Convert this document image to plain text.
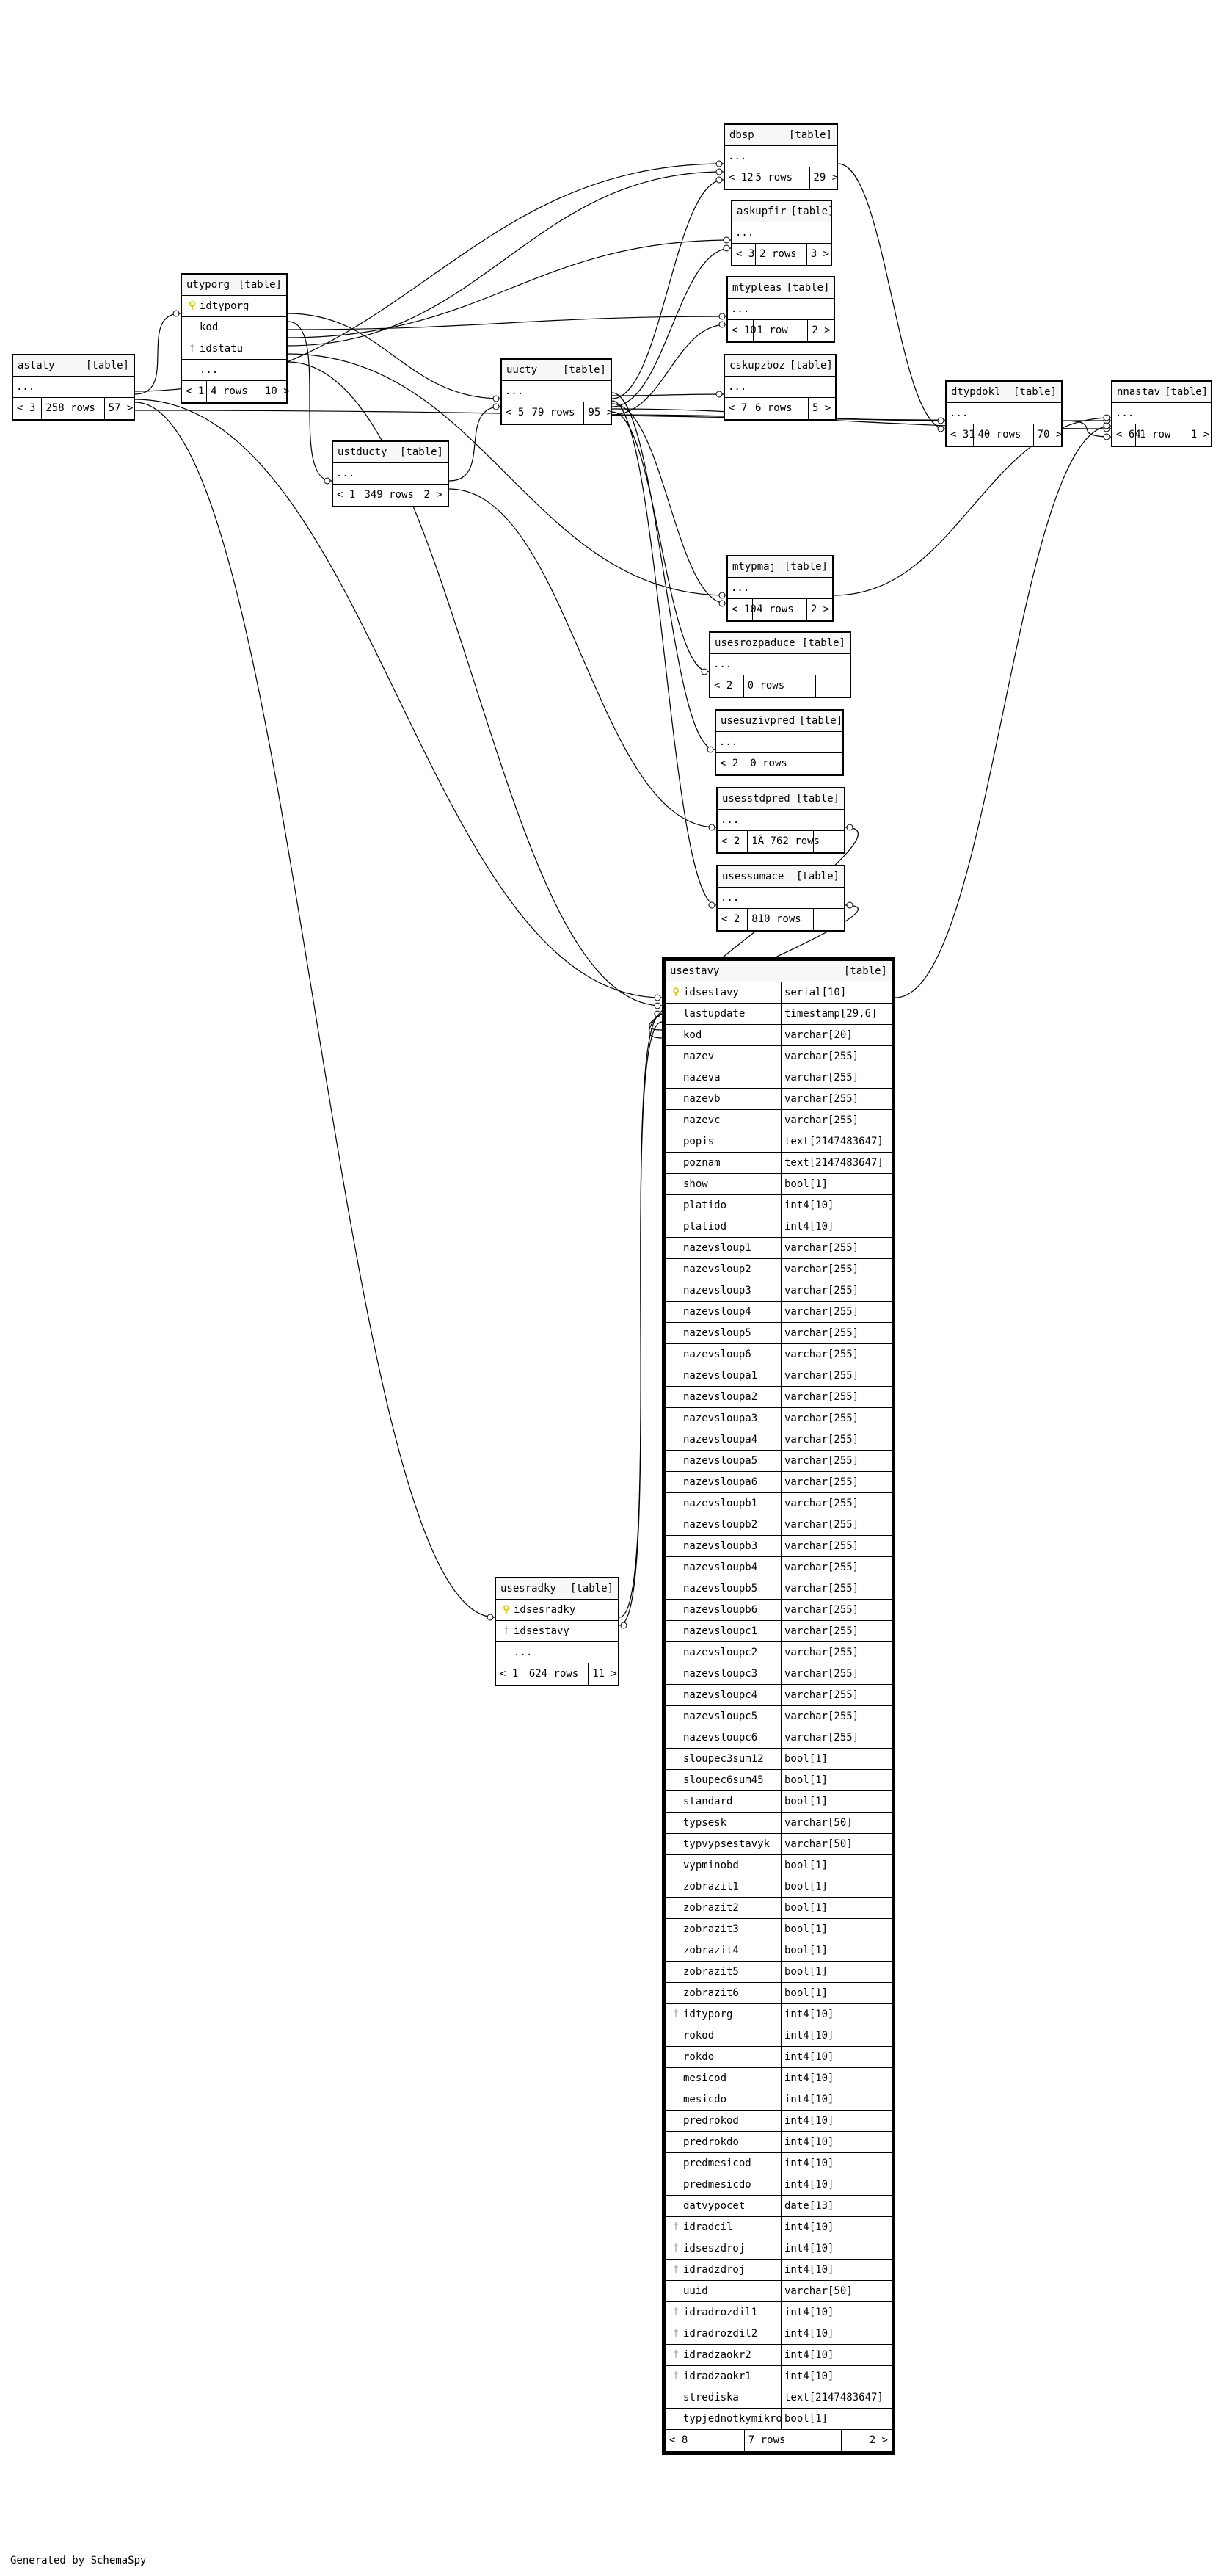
Generated by SchemaSpy
astaty	[table]
...
< 3	258 rows	57 >
utyporg [table]
⚲ idtyporg
kod
† idstatu
...
< 1 4 rows	10 >
ustducty	[table]
...
< 1 349 rows 2 >
uucty	[table]
...
< 5 79 rows	95 >
dbsp	[table]
...
< 12 5 rows	29 >
askupfir [table]
...
< 3 2 rows	3 >
mtypleas [table]
...
< 10 1 row	2 >
cskupzboz [table]
...
< 7 6 rows	5 >
dtypdokl	[table]
...
< 31 40 rows	70 >
nnastav [table]
...
< 64
1 row	1 >
mtypmaj [table]
...
< 10 4 rows	2 >
usesrozpaduce [table]
...
< 2	0 rows
usesuzivpred [table]
...
< 2	0 rows
usesstdpred [table]
...
< 2	1Â 762 rows
usessumace	[table]
...
< 2	810 rows
usesradky	[table]
⚲ idsesradky
† idsestavy
...
< 1	624 rows	11 >
usestavy	[table]
⚲ idsestavy	serial[10]
lastupdate	timestamp[29,6]
kod	varchar[20]
nazev	varchar[255]
nazeva	varchar[255]
nazevb	varchar[255]
nazevc	varchar[255]
popis	text[2147483647]
poznam	text[2147483647]
show	bool[1]
platido	int4[10]
platiod	int4[10]
nazevsloup1	varchar[255]
nazevsloup2	varchar[255]
nazevsloup3	varchar[255]
nazevsloup4	varchar[255]
nazevsloup5	varchar[255]
nazevsloup6	varchar[255]
nazevsloupa1	varchar[255]
nazevsloupa2	varchar[255]
nazevsloupa3	varchar[255]
nazevsloupa4	varchar[255]
nazevsloupa5	varchar[255]
nazevsloupa6	varchar[255]
nazevsloupb1	varchar[255]
nazevsloupb2	varchar[255]
nazevsloupb3	varchar[255]
nazevsloupb4	varchar[255]
nazevsloupb5	varchar[255]
nazevsloupb6	varchar[255]
nazevsloupc1	varchar[255]
nazevsloupc2	varchar[255]
nazevsloupc3	varchar[255]
nazevsloupc4	varchar[255]
nazevsloupc5	varchar[255]
nazevsloupc6	varchar[255]
sloupec3sum12 bool[1]
sloupec6sum45 bool[1]
standard	bool[1]
typsesk	varchar[50]
typvypsestavyk varchar[50]
vypminobd	bool[1]
zobrazit1	bool[1]
zobrazit2	bool[1]
zobrazit3	bool[1]
zobrazit4	bool[1]
zobrazit5	bool[1]
zobrazit6	bool[1]
† idtyporg	int4[10]
rokod	int4[10]
rokdo	int4[10]
mesicod	int4[10]
mesicdo	int4[10]
predrokod	int4[10]
predrokdo	int4[10]
predmesicod	int4[10]
predmesicdo	int4[10]
datvypocet	date[13]
† idradcil	int4[10]
† idseszdroj	int4[10]
† idradzdroj	int4[10]
uuid	varchar[50]
† idradrozdil1	int4[10]
† idradrozdil2	int4[10]
† idradzaokr2	int4[10]
† idradzaokr1	int4[10]
strediska	text[2147483647]
typjednotkymikro bool[1]
< 8	7 rows	2 >
